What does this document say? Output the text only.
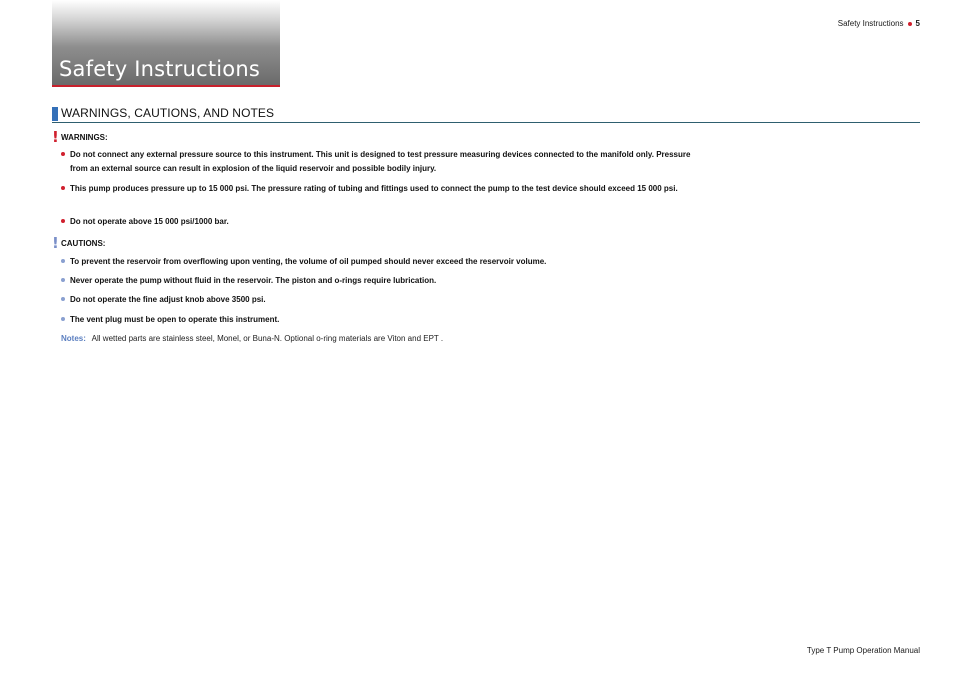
Safety Instructions 5
Safety Instructions
WARNINGS, CAUTIONS, AND NOTES
! WARNINGS:
Do not connect any external pressure source to this instrument. This unit is designed to test pressure measuring devices connected to the manifold only. Pressure from an external source can result in explosion of the liquid reservoir and possible bodily injury.
This pump produces pressure up to 15 000 psi. The pressure rating of tubing and fittings used to connect the pump to the test device should exceed 15 000 psi.
Do not operate above 15 000 psi/1000 bar.
! CAUTIONS:
To prevent the reservoir from overflowing upon venting, the volume of oil pumped should never exceed the reservoir volume.
Never operate the pump without fluid in the reservoir. The piston and o-rings require lubrication.
Do not operate the fine adjust knob above 3500 psi.
The vent plug must be open to operate this instrument.
Notes: All wetted parts are stainless steel, Monel, or Buna-N. Optional o-ring materials are Viton and EPT .
Type T Pump Operation Manual
